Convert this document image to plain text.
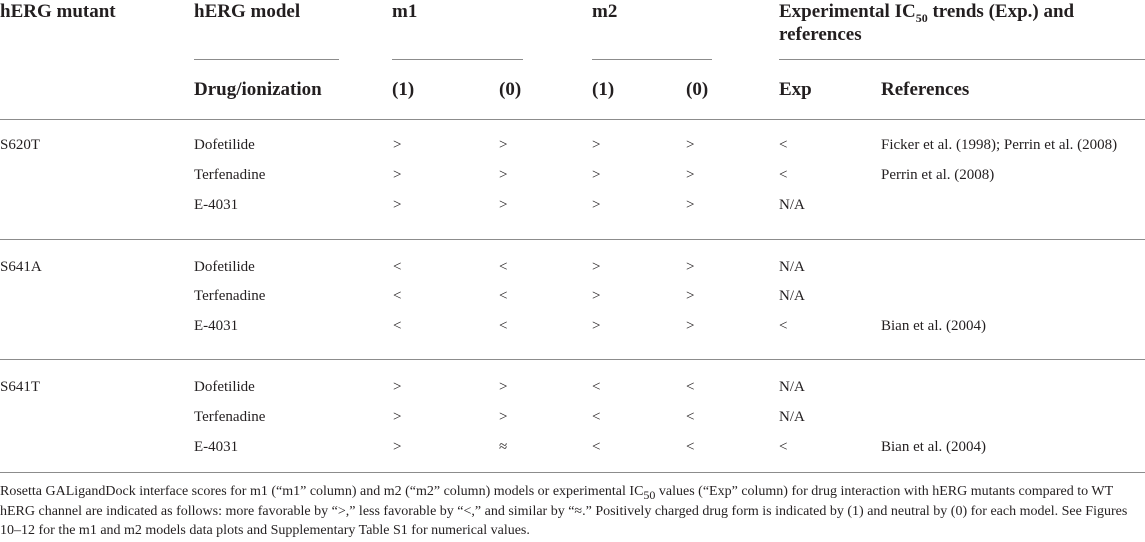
hERG mutant	hERG model	m1	m2	Experimental $IC_{50}$ trends (Exp.) and
references
Drug/ionization	(1)	(0)	(1)	(0)	Exp	References
S620T	Dofetilide	>	>	>	>	<	Ficker et al. (1998); Perrin et al. (2008)
Terfenadine	>	>	>	>	<	Perrin et al. (2008)
E-4031	>	>	>	>	N/A
S641A	Dofetilide	<	<	>	>	N/A
Terfenadine	<	<	>	>	N/A
E-4031	<	<	>	>	<	Bian et al. (2004)
S641T	Dofetilide	>	>	<	<	N/A
Terfenadine	>	>	<	<	N/A
E-4031	>	≈	<	<	<	Bian et al. (2004)
Rosetta GALigandDock interface scores for m1 (“m1” column) and m2 (“m2” column) models or experimental $IC_{50}$ values (“Exp” column) for drug interaction with hERG mutants compared to WT hERG channel are indicated as follows: more favorable by “>,” less favorable by “<,” and similar by “≈.” Positively charged drug form is indicated by (1) and neutral by (0) for each model. See Figures 10–12 for the m1 and m2 models data plots and Supplementary Table S1 for numerical values.
